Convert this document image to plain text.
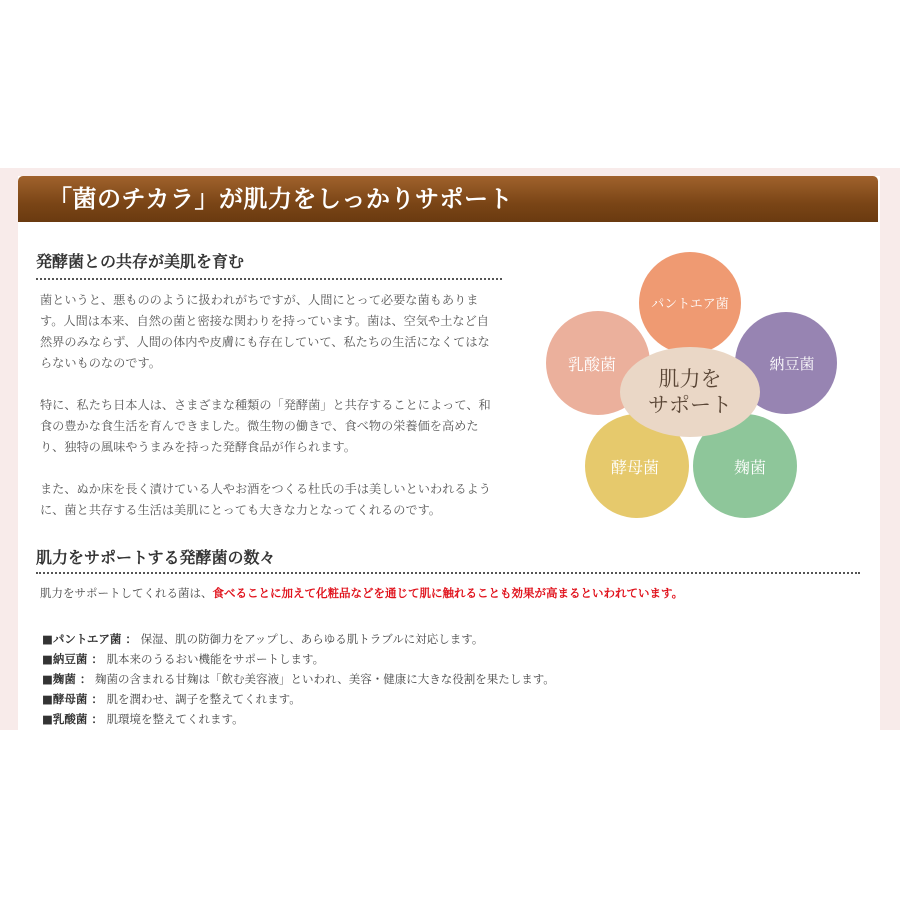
「菌のチカラ」が肌力をしっかりサポート
発酵菌との共存が美肌を育む
菌というと、悪もののように扱われがちですが、人間にとって必要な菌もあります。人間は本来、自然の菌と密接な関わりを持っています。菌は、空気や土など自然界のみならず、人間の体内や皮膚にも存在していて、私たちの生活になくてはならないものなのです。
特に、私たち日本人は、さまざまな種類の「発酵菌」と共存することによって、和食の豊かな食生活を育んできました。微生物の働きで、食べ物の栄養価を高めたり、独特の風味やうまみを持った発酵食品が作られます。
また、ぬか床を長く漬けている人やお酒をつくる杜氏の手は美しいといわれるように、菌と共存する生活は美肌にとっても大きな力となってくれるのです。
パントエア菌
納豆菌
麹菌
酵母菌
乳酸菌
肌力を
サポート
肌力をサポートする発酵菌の数々
肌力をサポートしてくれる菌は、食べることに加えて化粧品などを通じて肌に触れることも効果が高まるといわれています。
■パントエア菌 ： 保湿、肌の防御力をアップし、あらゆる肌トラブルに対応します。
■納豆菌 ： 肌本来のうるおい機能をサポートします。
■麹菌 ： 麹菌の含まれる甘麹は「飲む美容液」といわれ、美容・健康に大きな役割を果たします。
■酵母菌 ： 肌を潤わせ、調子を整えてくれます。
■乳酸菌 ： 肌環境を整えてくれます。
